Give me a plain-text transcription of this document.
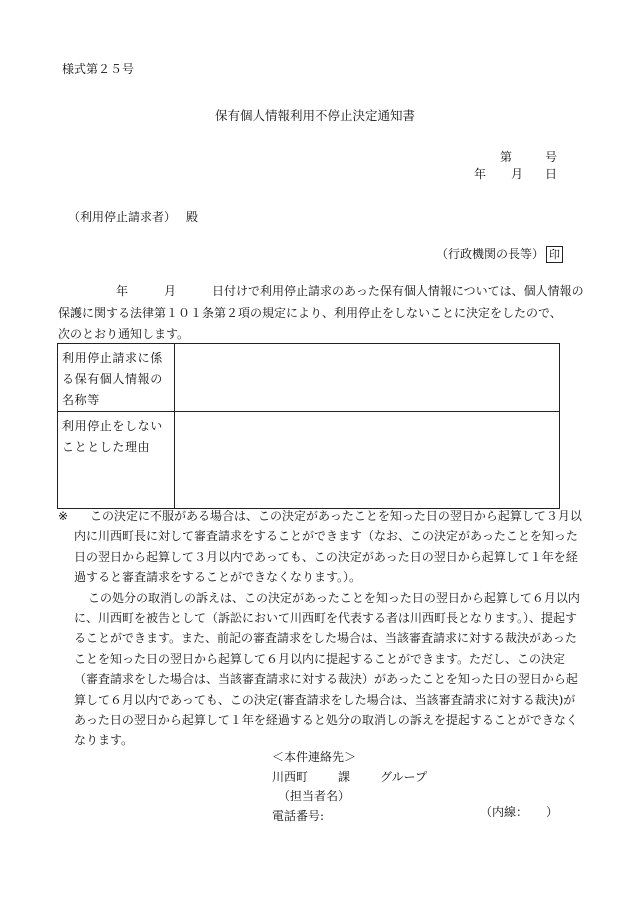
様式第２５号
保有個人情報利用不停止決定通知書
第	号
年 月 日
（利用停止請求者） 殿
（行政機関の長等） 印
年	月	日付けで利用停止請求のあった保有個人情報については、個人情報の
保護に関する法律第１０１条第２項の規定により、利用停止をしないことに決定をしたので、次のとおり通知します。
利用停止請求に係
る保有個人情報の
名称等	

利用停止をしない
こととした理由	

※ この決定に不服がある場合は、この決定があったことを知った日の翌日から起算して３月以内に川西町長に対して審査請求をすることができます（なお、この決定があったことを知った日の翌日から起算して３月以内であっても、この決定があった日の翌日から起算して１年を経過すると審査請求をすることができなくなります。）。
この処分の取消しの訴えは、この決定があったことを知った日の翌日から起算して６月以内に、川西町を被告として（訴訟において川西町を代表する者は川西町長となります。）、提起することができます。また、前記の審査請求をした場合は、当該審査請求に対する裁決があったことを知った日の翌日から起算して６月以内に提起することができます。ただし、この決定（審査請求をした場合は、当該審査請求に対する裁決）があったことを知った日の翌日から起算して６月以内であっても、この決定(審査請求をした場合は、当該審査請求に対する裁決)があった日の翌日から起算して１年を経過すると処分の取消しの訴えを提起することができなくなります。
＜本件連絡先＞
川西町	課	グループ
（担当者名）
電話番号:	（内線：　　）
